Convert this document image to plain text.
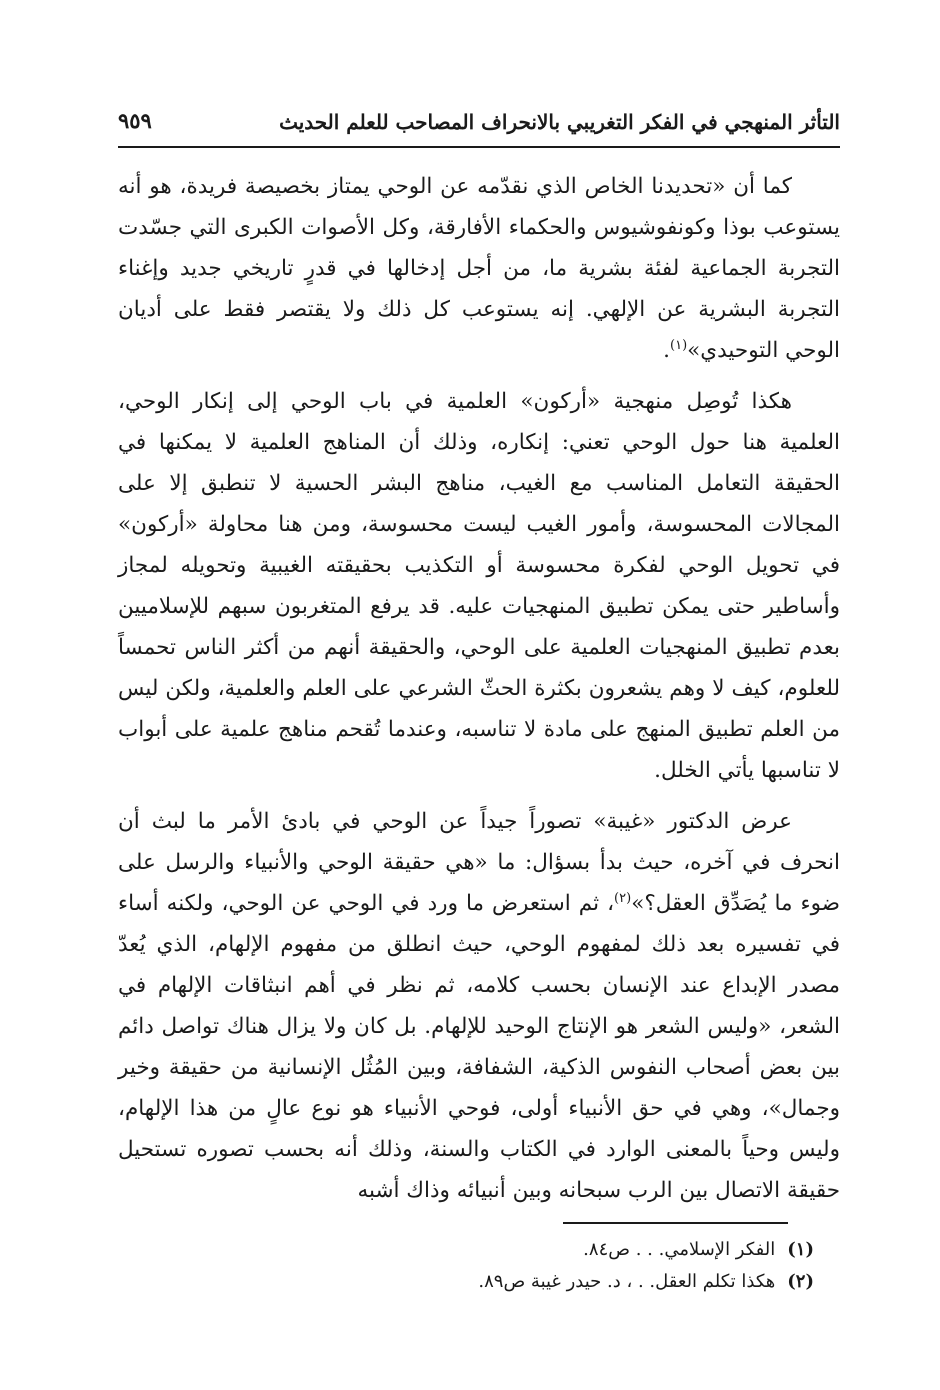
التأثر المنهجي في الفكر التغريبي بالانحراف المصاحب للعلم الحديث
٩٥٩

كما أن «تحديدنا الخاص الذي نقدّمه عن الوحي يمتاز بخصيصة فريدة، هو أنه يستوعب بوذا وكونفوشيوس والحكماء الأفارقة، وكل الأصوات الكبرى التي جسّدت التجربة الجماعية لفئة بشرية ما، من أجل إدخالها في قدرٍ تاريخي جديد وإغناء التجربة البشرية عن الإلهي. إنه يستوعب كل ذلك ولا يقتصر فقط على أديان الوحي التوحيدي»$^{(١)}$.

هكذا تُوصِل منهجية «أركون» العلمية في باب الوحي إلى إنكار الوحي، العلمية هنا حول الوحي تعني: إنكاره، وذلك أن المناهج العلمية لا يمكنها في الحقيقة التعامل المناسب مع الغيب، مناهج البشر الحسية لا تنطبق إلا على المجالات المحسوسة، وأمور الغيب ليست محسوسة، ومن هنا محاولة «أركون» في تحويل الوحي لفكرة محسوسة أو التكذيب بحقيقته الغيبية وتحويله لمجاز وأساطير حتى يمكن تطبيق المنهجيات عليه. قد يرفع المتغربون سبهم للإسلاميين بعدم تطبيق المنهجيات العلمية على الوحي، والحقيقة أنهم من أكثر الناس تحمساً للعلوم، كيف لا وهم يشعرون بكثرة الحثّ الشرعي على العلم والعلمية، ولكن ليس من العلم تطبيق المنهج على مادة لا تناسبه، وعندما تُقحم مناهج علمية على أبواب لا تناسبها يأتي الخلل.

عرض الدكتور «غيبة» تصوراً جيداً عن الوحي في بادئ الأمر ما لبث أن انحرف في آخره، حيث بدأ بسؤال: ما «هي حقيقة الوحي والأنبياء والرسل على ضوء ما يُصَدِّق العقل؟»$^{(٢)}$، ثم استعرض ما ورد في الوحي عن الوحي، ولكنه أساء في تفسيره بعد ذلك لمفهوم الوحي، حيث انطلق من مفهوم الإلهام، الذي يُعدّ مصدر الإبداع عند الإنسان بحسب كلامه، ثم نظر في أهم انبثاقات الإلهام في الشعر، «وليس الشعر هو الإنتاج الوحيد للإلهام. بل كان ولا يزال هناك تواصل دائم بين بعض أصحاب النفوس الذكية، الشفافة، وبين المُثُل الإنسانية من حقيقة وخير وجمال»، وهي في حق الأنبياء أولى، فوحي الأنبياء هو نوع عالٍ من هذا الإلهام، وليس وحياً بالمعنى الوارد في الكتاب والسنة، وذلك أنه بحسب تصوره تستحيل حقيقة الاتصال بين الرب سبحانه وبين أنبيائه وذاك أشبه

(١)الفكر الإسلامي. . . ص٨٤.
(٢)هكذا تكلم العقل. . ، د. حيدر غيبة ص٨٩.
